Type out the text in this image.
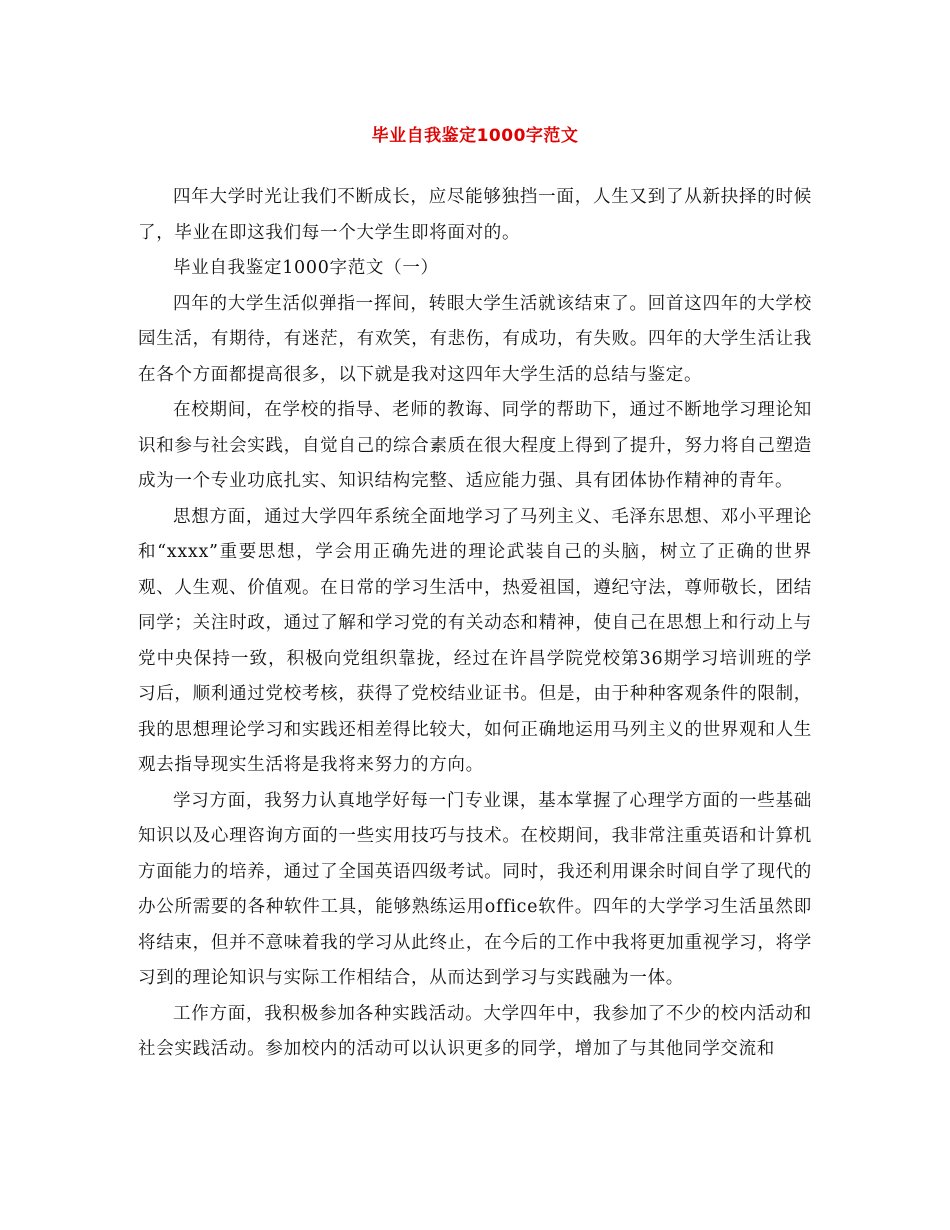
毕业自我鉴定1000字范文

四年大学时光让我们不断成长，应尽能够独挡一面，人生又到了从新抉择的时候了，毕业在即这我们每一个大学生即将面对的。

毕业自我鉴定1000字范文（一）

四年的大学生活似弹指一挥间，转眼大学生活就该结束了。回首这四年的大学校园生活，有期待，有迷茫，有欢笑，有悲伤，有成功，有失败。四年的大学生活让我在各个方面都提高很多，以下就是我对这四年大学生活的总结与鉴定。

在校期间，在学校的指导、老师的教诲、同学的帮助下，通过不断地学习理论知识和参与社会实践，自觉自己的综合素质在很大程度上得到了提升，努力将自己塑造成为一个专业功底扎实、知识结构完整、适应能力强、具有团体协作精神的青年。

思想方面，通过大学四年系统全面地学习了马列主义、毛泽东思想、邓小平理论和“xxxx”重要思想，学会用正确先进的理论武装自己的头脑，树立了正确的世界观、人生观、价值观。在日常的学习生活中，热爱祖国，遵纪守法，尊师敬长，团结同学；关注时政，通过了解和学习党的有关动态和精神，使自己在思想上和行动上与党中央保持一致，积极向党组织靠拢，经过在许昌学院党校第36期学习培训班的学习后，顺利通过党校考核，获得了党校结业证书。但是，由于种种客观条件的限制，我的思想理论学习和实践还相差得比较大，如何正确地运用马列主义的世界观和人生观去指导现实生活将是我将来努力的方向。

学习方面，我努力认真地学好每一门专业课，基本掌握了心理学方面的一些基础知识以及心理咨询方面的一些实用技巧与技术。在校期间，我非常注重英语和计算机方面能力的培养，通过了全国英语四级考试。同时，我还利用课余时间自学了现代的办公所需要的各种软件工具，能够熟练运用office软件。四年的大学学习生活虽然即将结束，但并不意味着我的学习从此终止，在今后的工作中我将更加重视学习，将学习到的理论知识与实际工作相结合，从而达到学习与实践融为一体。

工作方面，我积极参加各种实践活动。大学四年中，我参加了不少的校内活动和社会实践活动。参加校内的活动可以认识更多的同学，增加了与其他同学交流和
